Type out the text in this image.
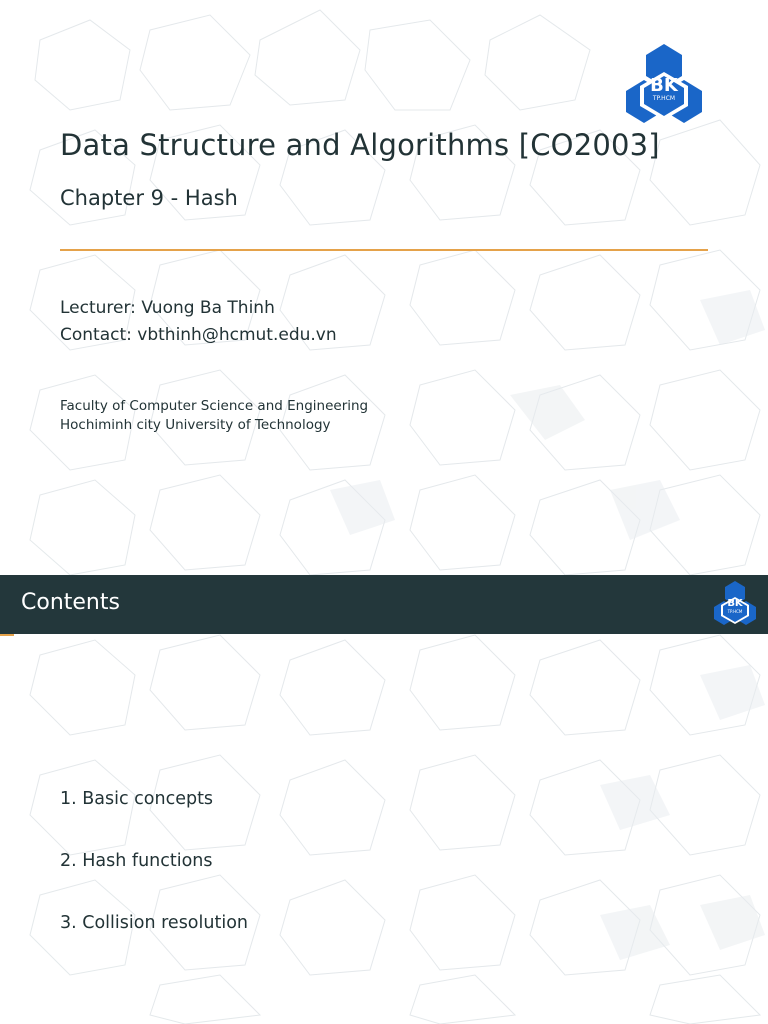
BK
TP.HCM
Data Structure and Algorithms [CO2003]
Chapter 9 - Hash
Lecturer: Vuong Ba Thinh
Contact: vbthinh@hcmut.edu.vn
Faculty of Computer Science and Engineering
Hochiminh city University of Technology
Contents	BK
TP.HCM
1. Basic concepts
2. Hash functions
3. Collision resolution
